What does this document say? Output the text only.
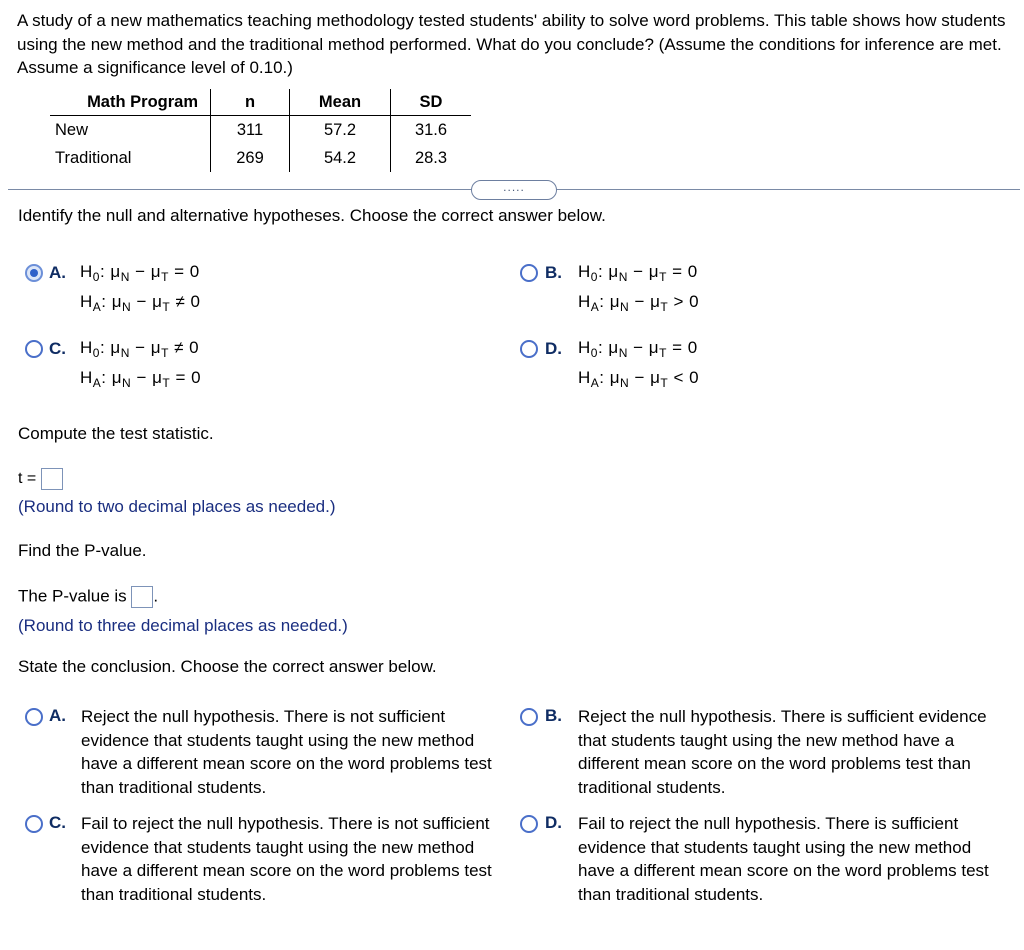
A study of a new mathematics teaching methodology tested students' ability to solve word problems. This table shows how students using the new method and the traditional method performed. What do you conclude? (Assume the conditions for inference are met. Assume a significance level of 0.10.)
Math Program	n	Mean	SD
New	311	57.2	31.6
Traditional	269	54.2	28.3
.....
Identify the null and alternative hypotheses. Choose the correct answer below.
A. $H_0$: $\mu_N - \mu_T = 0$
$H_A$: $\mu_N - \mu_T \ne 0$
B. $H_0$: $\mu_N - \mu_T = 0$
$H_A$: $\mu_N - \mu_T > 0$
C. $H_0$: $\mu_N - \mu_T \ne 0$
$H_A$: $\mu_N - \mu_T = 0$
D. $H_0$: $\mu_N - \mu_T = 0$
$H_A$: $\mu_N - \mu_T < 0$
Compute the test statistic.
t =
(Round to two decimal places as needed.)
Find the P-value.
The P-value is .
(Round to three decimal places as needed.)
State the conclusion. Choose the correct answer below.
A. Reject the null hypothesis. There is not sufficient evidence that students taught using the new method have a different mean score on the word problems test than traditional students.
B. Reject the null hypothesis. There is sufficient evidence that students taught using the new method have a different mean score on the word problems test than traditional students.
C. Fail to reject the null hypothesis. There is not sufficient evidence that students taught using the new method have a different mean score on the word problems test than traditional students.
D. Fail to reject the null hypothesis. There is sufficient evidence that students taught using the new method have a different mean score on the word problems test than traditional students.
